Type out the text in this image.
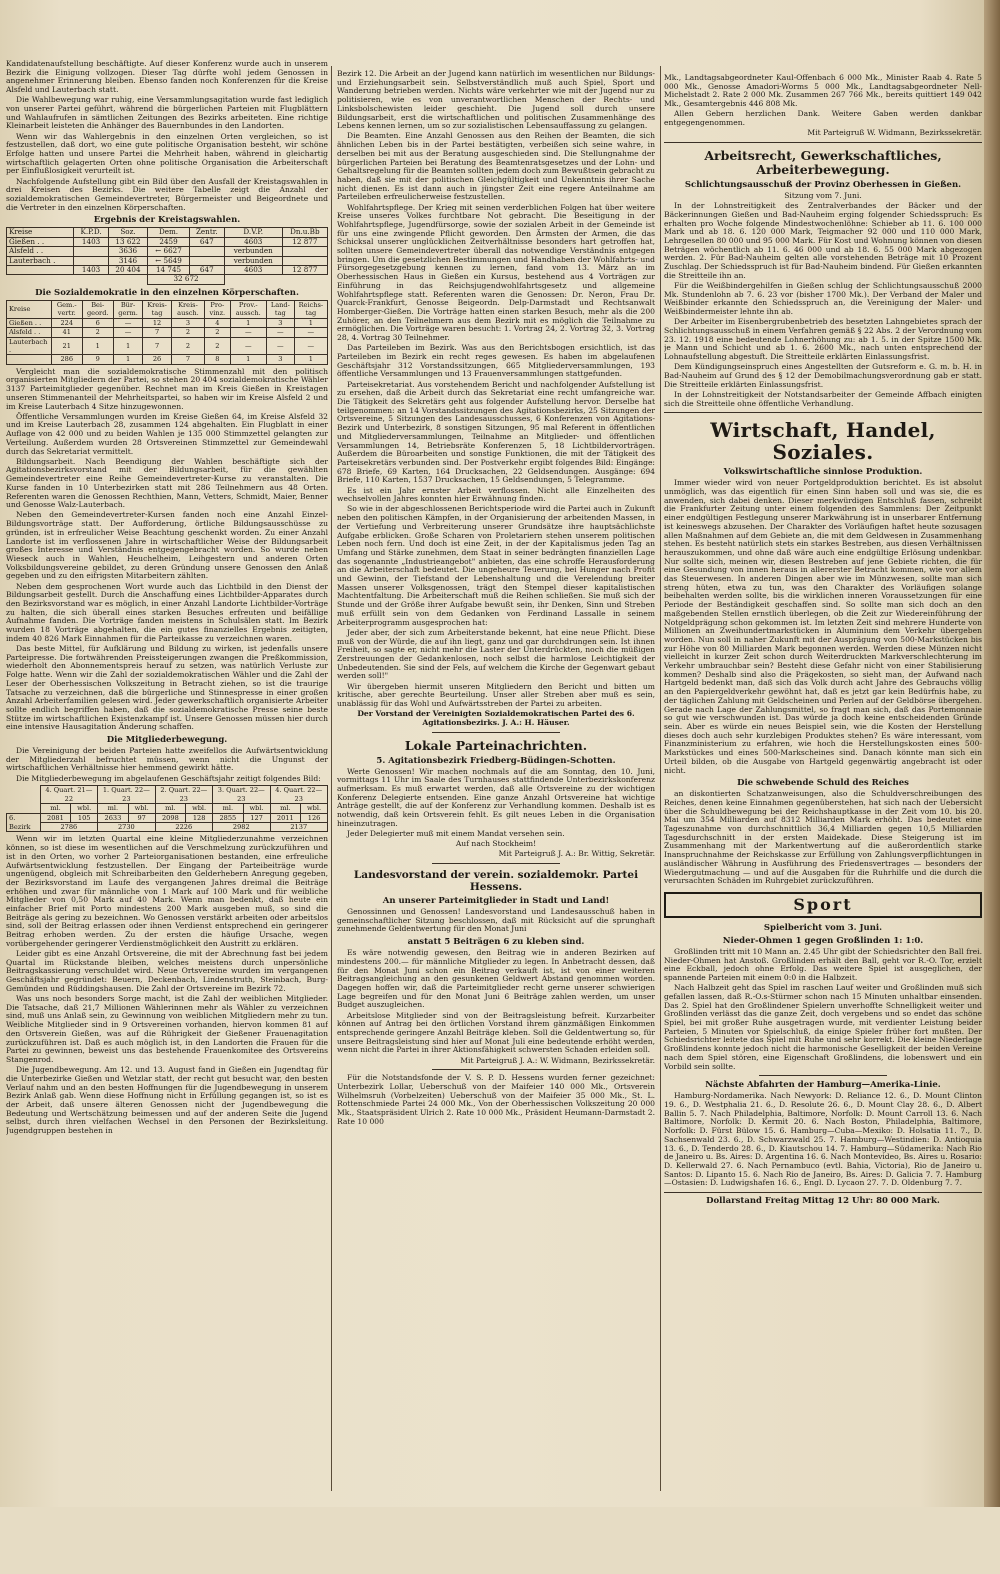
Kandidatenaufstellung beschäftigte. Auf dieser Konferenz wurde auch in unserem Bezirk die Einigung vollzogen. Dieser Tag dürfte wohl jedem Genossen in angenehmer Erinnerung bleiben. Ebenso fanden noch Konferenzen für die Kreise Alsfeld und Lauterbach statt.

Die Wahlbewegung war ruhig, eine Versammlungsagitation wurde fast lediglich von unserer Partei geführt, während die bürgerlichen Parteien mit Flugblättern und Wahlaufrufen in sämtlichen Zeitungen des Bezirks arbeiteten. Eine richtige Kleinarbeit leisteten die Anhänger des Bauernbundes in den Landorten.

Wenn wir das Wahlergebnis in den einzelnen Orten vergleichen, so ist festzustellen, daß dort, wo eine gute politische Organisation besteht, wir schöne Erfolge hatten und unsere Partei die Mehrheit haben, während in gleichartig wirtschaftlich gelagerten Orten ohne politische Organisation die Arbeiterschaft per Einflußlosigkeit verurteilt ist.

Nachfolgende Aufstellung gibt ein Bild über den Ausfall der Kreistagswahlen in drei Kreisen des Bezirks. Die weitere Tabelle zeigt die Anzahl der sozialdemokratischen Gemeindevertreter, Bürgermeister und Beigeordnete und die Vertreter in den einzelnen Körperschaften.

Ergebnis der Kreistagswahlen.
Kreise	K.P.D.	Soz.	Dem.	Zentr.	D.V.P.	Dn.u.Bb
Gießen . .	1403	13 622	2459	647	4603	12 877
Alsfeld . .		3636	← 6627		verbunden	
Lauterbach .		3146	← 5649		verbunden	
	1403	20 404	14 745	647	4603	12 877
			32 672			
Die Sozialdemokratie in den einzelnen Körperschaften.
Kreise	Gem.-vertr.	Bei-geord.	Bür-germ.	Kreis-tag	Kreis-ausch.	Pro-vinz.	Prov.-aussch.	Land-tag	Reichs-tag
Gießen . .	224	6	—	12	3	4	1	3	1
Alsfeld . .	41	2	—	7	2	2	—	—	—
Lauterbach .	21	1	1	7	2	2	—	—	—
	286	9	1	26	7	8	1	3	1

Vergleicht man die sozialdemokratische Stimmenzahl mit den politisch organisierten Mitgliedern der Partei, so stehen 20 404 sozialdemokratische Wähler 3137 Parteimitglieder gegenüber. Rechnet man im Kreis Gießen in Kreistagen unseren Stimmenanteil der Mehrheitspartei, so haben wir im Kreise Alsfeld 2 und im Kreise Lauterbach 4 Sitze hinzugewonnen.

Öffentliche Versammlungen wurden im Kreise Gießen 64, im Kreise Alsfeld 32 und im Kreise Lauterbach 28, zusammen 124 abgehalten. Ein Flugblatt in einer Auflage von 42 000 und zu beiden Wahlen je 135 000 Stimmzettel gelangten zur Verteilung. Außerdem wurden 28 Ortsvereinen Stimmzettel zur Gemeindewahl durch das Sekretariat vermittelt.

Bildungsarbeit. Nach Beendigung der Wahlen beschäftigte sich der Agitationsbezirksvorstand mit der Bildungsarbeit, für die gewählten Gemeindevertreter eine Reihe Gemeindevertreter-Kurse zu veranstalten. Die Kurse fanden in 10 Unterbezirken statt mit 286 Teilnehmern aus 48 Orten. Referenten waren die Genossen Rechthien, Mann, Vetters, Schmidt, Maier, Benner und Genosse Walz-Lauterbach.

Neben den Gemeindevertreter-Kursen fanden noch eine Anzahl Einzel-Bildungsvorträge statt. Der Aufforderung, örtliche Bildungsausschüsse zu gründen, ist in erfreulicher Weise Beachtung geschenkt worden. Zu einer Anzahl Landorte ist im verflossenen Jahre in wirtschaftlicher Weise der Bildungsarbeit großes Interesse und Verständnis entgegengebracht worden. So wurde neben Wieseck auch in Wahlen, Heuchelheim, Leihgestern und anderen Orten Volksbildungsvereine gebildet, zu deren Gründung unsere Genossen den Anlaß gegeben und zu den eifrigsten Mitarbeitern zählten.

Neben dem gesprochenen Wort wurde auch das Lichtbild in den Dienst der Bildungsarbeit gestellt. Durch die Anschaffung eines Lichtbilder-Apparates durch den Bezirksvorstand war es möglich, in einer Anzahl Landorte Lichtbilder-Vorträge zu halten, die sich überall eines starken Besuches erfreuten und beifällige Aufnahme fanden. Die Vorträge fanden meistens in Schulsälen statt. Im Bezirk wurden 18 Vorträge abgehalten, die ein gutes finanzielles Ergebnis zeitigten, indem 40 826 Mark Einnahmen für die Parteikasse zu verzeichnen waren.

Das beste Mittel, für Aufklärung und Bildung zu wirken, ist jedenfalls unsere Parteipresse. Die fortwährenden Preissteigerungen zwangen die Preßkommission, wiederholt den Abonnementspreis herauf zu setzen, was natürlich Verluste zur Folge hatte. Wenn wir die Zahl der sozialdemokratischen Wähler und die Zahl der Leser der Oberhessischen Volkszeitung in Betracht ziehen, so ist die traurige Tatsache zu verzeichnen, daß die bürgerliche und Stinnespresse in einer großen Anzahl Arbeiterfamilien gelesen wird. Jeder gewerkschaftlich organisierte Arbeiter sollte endlich begriffen haben, daß die sozialdemokratische Presse seine beste Stütze im wirtschaftlichen Existenzkampf ist. Unsere Genossen müssen hier durch eine intensive Hausagitation Änderung schaffen.

Die Mitgliederbewegung.

Die Vereinigung der beiden Parteien hatte zweifellos die Aufwärtsentwicklung der Mitgliederzahl befruchtet müssen, wenn nicht die Ungunst der wirtschaftlichen Verhältnisse hier hemmend gewirkt hätte.

Die Mitgliederbewegung im abgelaufenen Geschäftsjahr zeitigt folgendes Bild:

	4. Quart. 21—22		1. Quart. 22—23		2. Quart. 22—23		3. Quart. 22—23		4. Quart. 22—23	
	ml.	wbl.	ml.	wbl.	ml.	wbl.	ml.	wbl.	ml.	wbl.
6. Bezirk	2081	105	2633	97	2098	128	2855	127	2011	126
	2786		2730		2226		2982		2137	

Wenn wir im letzten Quartal eine kleine Mitgliederzunahme verzeichnen können, so ist diese im wesentlichen auf die Verschmelzung zurückzuführen und ist in den Orten, wo vorher 2 Parteiorganisationen bestanden, eine erfreuliche Aufwärtsentwicklung festzustellen. Der Eingang der Parteibeiträge wurde ungenügend, obgleich mit Schreibarbeiten den Gelderhebern Anregung gegeben, der Bezirksvorstand im Laufe des vergangenen Jahres dreimal die Beiträge erhöhen und zwar für männliche von 1 Mark auf 100 Mark und für weibliche Mitglieder von 0,50 Mark auf 40 Mark. Wenn man bedenkt, daß heute ein einfacher Brief mit Porto mindestens 200 Mark ausgeben muß, so sind die Beiträge als gering zu bezeichnen. Wo Genossen verstärkt arbeiten oder arbeitslos sind, soll der Beitrag erlassen oder ihnen Verdienst entsprechend ein geringerer Beitrag erhoben werden. Zu der ersten die häufige Ursache, wegen vorübergehender geringerer Verdienstmöglichkeit den Austritt zu erklären.

Leider gibt es eine Anzahl Ortsvereine, die mit der Abrechnung fast bei jedem Quartal im Rückstande bleiben, welches meistens durch unpersönliche Beitragskassierung verschuldet wird. Neue Ortsvereine wurden im vergangenen Geschäftsjahr gegründet: Beuern, Deckenbach, Lindenstruth, Steinbach, Burg-Gemünden und Rüddingshausen. Die Zahl der Ortsvereine im Bezirk 72.

Was uns noch besonders Sorge macht, ist die Zahl der weiblichen Mitglieder. Die Tatsache, daß 21,7 Millionen Wählerinnen mehr als Wähler zu verzeichnen sind, muß uns Anlaß sein, zu Gewinnung von weiblichen Mitgliedern mehr zu tun. Weibliche Mitglieder sind in 9 Ortsvereinen vorhanden, hiervon kommen 81 auf den Ortsverein Gießen, was auf die Rührigkeit der Gießener Frauenagitation zurückzuführen ist. Daß es auch möglich ist, in den Landorten die Frauen für die Partei zu gewinnen, beweist uns das bestehende Frauenkomitee des Ortsvereins Stangenrod.

Die Jugendbewegung. Am 12. und 13. August fand in Gießen ein Jugendtag für die Unterbezirke Gießen und Wetzlar statt, der recht gut besucht war, den besten Verlauf nahm und an den besten Hoffnungen für die Jugendbewegung in unserem Bezirk Anlaß gab. Wenn diese Hoffnung nicht in Erfüllung gegangen ist, so ist es der Arbeit, daß unsere älteren Genossen nicht der Jugendbewegung die Bedeutung und Wertschätzung beimessen und auf der anderen Seite die Jugend selbst, durch ihren vielfachen Wechsel in den Personen der Bezirksleitung. Jugendgruppen bestehen in

Bezirk 12. Die Arbeit an der Jugend kann natürlich im wesentlichen nur Bildungs- und Erziehungsarbeit sein. Selbstverständlich muß auch Spiel, Sport und Wanderung betrieben werden. Nichts wäre verkehrter wie mit der Jugend nur zu politisieren, wie es von unverantwortlichen Menschen der Rechts- und Linksbolschewisten leider geschieht. Die Jugend soll durch unsere Bildungsarbeit, erst die wirtschaftlichen und politischen Zusammenhänge des Lebens kennen lernen, um so zur sozialistischen Lebensauffassung zu gelangen.

Die Beamten. Eine Anzahl Genossen aus den Reihen der Beamten, die sich ähnlichen Leben bis in der Partei bestätigten, verbeißen sich seine wahre, in derselben bei mit aus der Beratung ausgeschieden sind. Die Stellungnahme der bürgerlichen Parteien bei Beratung des Beamtenratsgesetzes und der Lohn- und Gehaltsregelung für die Beamten sollten jedem doch zum Bewußtsein gebracht zu haben, daß sie mit der politischen Gleichgültigkeit und Unkenntnis ihrer Sache nicht dienen. Es ist dann auch in jüngster Zeit eine regere Anteilnahme am Parteileben erfreulicherweise festzustellen.

Wohlfahrtspflege. Der Krieg mit seinen verderblichen Folgen hat über weitere Kreise unseres Volkes furchtbare Not gebracht. Die Beseitigung in der Wohlfahrtspflege, Jugendfürsorge, sowie der sozialen Arbeit in der Gemeinde ist für uns eine zwingende Pflicht geworden. Den Ärmsten der Armen, die das Schicksal unserer unglücklichen Zeitverhältnisse besonders hart getroffen hat, sollten unsere Gemeindevertreter überall das notwendige Verständnis entgegen bringen. Um die gesetzlichen Bestimmungen und Handhaben der Wohlfahrts- und Fürsorgegesetzgebung kennen zu lernen, fand vom 13. März an im Oberhessischen Haus in Gießen ein Kursus, bestehend aus 4 Vorträgen zur Einführung in das Reichsjugendwohlfahrtsgesetz und allgemeine Wohlfahrtspflege statt. Referenten waren die Genossen: Dr. Neron, Frau Dr. Quarck-Frankfurt, Genosse Beigeordn. Delp-Darmstadt und Rechtsanwalt Homberger-Gießen. Die Vorträge hatten einen starken Besuch, mehr als die 200 Zuhörer, an den Teilnehmern aus dem Bezirk mit es möglich die Teilnahme zu ermöglichen. Die Vorträge waren besucht: 1. Vortrag 24, 2. Vortrag 32, 3. Vortrag 28, 4. Vortrag 30 Teilnehmer.

Das Parteileben im Bezirk. Was aus den Berichtsbogen ersichtlich, ist das Parteileben im Bezirk ein recht reges gewesen. Es haben im abgelaufenen Geschäftsjahr 312 Vorstandssitzungen, 665 Mitgliederversammlungen, 193 öffentliche Versammlungen und 13 Frauenversammlungen stattgefunden.

Parteisekretariat. Aus vorstehendem Bericht und nachfolgender Aufstellung ist zu ersehen, daß die Arbeit durch das Sekretariat eine recht umfangreiche war. Die Tätigkeit des Sekretärs geht aus folgender Aufstellung hervor. Derselbe hat teilgenommen: an 14 Vorstandssitzungen des Agitationsbezirks, 25 Sitzungen der Ortsvereine, 5 Sitzungen des Landesausschusses, 6 Konferenzen von Agitations-Bezirk und Unterbezirk, 8 sonstigen Sitzungen, 95 mal Referent in öffentlichen und Mitgliederversammlungen, Teilnahme an Mitglieder- und öffentlichen Versammlungen 14, Betriebsräte Konferenzen 5, 18 Lichtbildervorträgen. Außerdem die Büroarbeiten und sonstige Funktionen, die mit der Tätigkeit des Parteisekretärs verbunden sind. Der Postverkehr ergibt folgendes Bild: Eingänge: 678 Briefe, 69 Karten, 164 Drucksachen, 22 Geldsendungen. Ausgänge: 694 Briefe, 110 Karten, 1537 Drucksachen, 15 Geldsendungen, 5 Telegramme.

Es ist ein Jahr ernster Arbeit verflossen. Nicht alle Einzelheiten des wechselvollen Jahres konnten hier Erwähnung finden.

So wie in der abgeschlossenen Berichtsperiode wird die Partei auch in Zukunft neben den politischen Kämpfen, in der Organisierung der arbeitenden Massen, in der Vertiefung und Verbreiterung unserer Grundsätze ihre hauptsächlichste Aufgabe erblicken. Große Scharen von Proletariern stehen unserem politischen Leben noch fern. Und doch ist eine Zeit, in der der Kapitalismus jeden Tag an Umfang und Stärke zunehmen, dem Staat in seiner bedrängten finanziellen Lage das sogenannte „Industrieangebot" anbieten, das eine schroffe Herausforderung an die Arbeiterschaft bedeutet. Die ungeheure Teuerung, bei Hunger nach Profit und Gewinn, der Tiefstand der Lebenshaltung und die Verelendung breiter Massen unserer Volksgenossen, trägt den Stempel dieser kapitalistischen Machtentfaltung. Die Arbeiterschaft muß die Reihen schließen. Sie muß sich der Stunde und der Größe ihrer Aufgabe bewußt sein, ihr Denken, Sinn und Streben muß erfüllt sein von dem Gedanken von Ferdinand Lassalle in seinem Arbeiterprogramm ausgesprochen hat:

Jeder aber, der sich zum Arbeiterstande bekennt, hat eine neue Pflicht. Diese muß von der Würde, die auf ihn liegt, ganz und gar durchdrungen sein. Ist ihnen Freiheit, so sagte er, nicht mehr die Laster der Unterdrückten, noch die müßigen Zerstreuungen der Gedankenlosen, noch selbst die harmlose Leichtigkeit der Unbedeutenden. Sie sind der Fels, auf welchem die Kirche der Gegenwart gebaut werden soll!"

Wir übergeben hiermit unseren Mitgliedern den Bericht und bitten um kritische, aber gerechte Beurteilung. Unser aller Streben aber muß es sein, unablässig für das Wohl und Aufwärtsstreben der Partei zu arbeiten.

Der Vorstand der Vereinigten Sozialdemokratischen Partei des 6. Agitationsbezirks. J. A.: H. Häuser.

Lokale Parteinachrichten.
5. Agitationsbezirk Friedberg-Büdingen-Schotten.

Werte Genossen! Wir machen nochmals auf die am Sonntag, den 10. Juni, vormittags 11 Uhr im Saale des Turnhauses stattfindende Unterbezirkskonferenz aufmerksam. Es muß erwartet werden, daß alle Ortsvereine zu der wichtigen Konferenz Delegierte entsenden. Eine ganze Anzahl Ortsvereine hat wichtige Anträge gestellt, die auf der Konferenz zur Verhandlung kommen. Deshalb ist es notwendig, daß kein Ortsverein fehlt. Es gilt neues Leben in die Organisation hineinzutragen.

Jeder Delegierter muß mit einem Mandat versehen sein.

Auf nach Stockheim!

Mit Parteigruß J. A.: Br. Wittig, Sekretär.

Landesvorstand der verein. sozialdemokr. Partei Hessens.
An unserer Parteimitglieder in Stadt und Land!

Genossinnen und Genossen! Landesvorstand und Landesausschuß haben in gemeinschaftlicher Sitzung beschlossen, daß mit Rücksicht auf die sprunghaft zunehmende Geldentwertung für den Monat Juni

anstatt 5 Beiträgen 6 zu kleben sind.

Es wäre notwendig gewesen, den Beitrag wie in anderen Bezirken auf mindestens 200.— für männliche Mitglieder zu legen. In Anbetracht dessen, daß für den Monat Juni schon ein Beitrag verkauft ist, ist von einer weiteren Beitragsangleichung an den gesunkenen Geldwert Abstand genommen worden. Dagegen hoffen wir, daß die Parteimitglieder recht gerne unserer schwierigen Lage begreifen und für den Monat Juni 6 Beiträge zahlen werden, um unser Budget auszugleichen.

Arbeitslose Mitglieder sind von der Beitragsleistung befreit. Kurzarbeiter können auf Antrag bei den örtlichen Vorstand ihrem gänzmäßigen Einkommen entsprechende geringere Anzahl Beiträge kleben. Soll die Geldentwertung so, für unsere Beitragsleistung sind hier auf Monat Juli eine bedeutende erhöht werden, wenn nicht die Partei in ihrer Aktionsfähigkeit schwersten Schaden erleiden soll.

Mit Parteigruß J. A.: W. Widmann, Bezirkssekretär.

Für die Notstandsfonde der V. S. P. D. Hessens wurden ferner gezeichnet: Unterbezirk Lollar, Ueberschuß von der Maifeier 140 000 Mk., Ortsverein Wilhelmsruh (Vorbelzeiten) Ueberschuß von der Maifeier 35 000 Mk., St. L. Rottenschmiede Partei 24 000 Mk., Von der Oberhessischen Volkszeitung 20 000 Mk., Staatspräsident Ulrich 2. Rate 10 000 Mk., Präsident Heumann-Darmstadt 2. Rate 10 000

Mk., Landtagsabgeordneter Kaul-Offenbach 6 000 Mk., Minister Raab 4. Rate 5 000 Mk., Genosse Amadori-Worms 5 000 Mk., Landtagsabgeordneter Nell-Michelstadt 2. Rate 2 000 Mk. Zusammen 267 766 Mk., bereits quittiert 149 042 Mk., Gesamtergebnis 446 808 Mk.

Allen Gebern herzlichen Dank. Weitere Gaben werden dankbar entgegengenommen.

Mit Parteigruß W. Widmann, Bezirkssekretär.

Arbeitsrecht, Gewerkschaftliches, Arbeiterbewegung.
Schlichtungsausschuß der Provinz Oberhessen in Gießen.

Sitzung vom 7. Juni.

In der Lohnstreitigkeit des Zentralverbandes der Bäcker und der Bäckerinnungen Gießen und Bad-Nauheim erging folgender Schiedsspruch: Es erhalten pro Woche folgende Mindestwochenlöhne: Schieber ab 11. 6. 100 000 Mark und ab 18. 6. 120 000 Mark, Teigmacher 92 000 und 110 000 Mark, Lehrgesellen 80 000 und 95 000 Mark. Für Kost und Wohnung können von diesen Beträgen wöchentlich ab 11. 6. 46 000 und ab 18. 6. 55 000 Mark abgezogen werden. 2. Für Bad-Nauheim gelten alle vorstehenden Beträge mit 10 Prozent Zuschlag. Der Schiedsspruch ist für Bad-Nauheim bindend. Für Gießen erkannten die Streitteile ihn an.

Für die Weißbindergehilfen in Gießen schlug der Schlichtungsausschuß 2000 Mk. Stundenlohn ab 7. 6. 23 vor (bisher 1700 Mk.). Der Verband der Maler und Weißbinder erkannte den Schiedsspruch an, die Vereinigung der Maler- und Weißbindermeister lehnte ihn ab.

Der Arbeiter im Eisenbergrubenbetrieb des besetzten Lahngebietes sprach der Schlichtungsausschuß in einem Verfahren gemäß § 22 Abs. 2 der Verordnung vom 23. 12. 1918 eine bedeutende Lohnerhöhung zu: ab 1. 5. in der Spitze 1500 Mk. je Mann und Schicht und ab 1. 6. 2600 Mk., nach unten entsprechend der Lohnaufstellung abgestuft. Die Streitteile erklärten Einlassungsfrist.

Dem Kündigungseinspruch eines Angestellten der Gutsreform e. G. m. b. H. in Bad-Nauheim auf Grund des § 12 der Demobilmachungsverordnung gab er statt. Die Streitteile erklärten Einlassungsfrist.

In der Lohnstreitigkeit der Notstandsarbeiter der Gemeinde Affbach einigten sich die Streitteile ohne öffentliche Verhandlung.

Wirtschaft, Handel, Soziales.
Volkswirtschaftliche sinnlose Produktion.

Immer wieder wird von neuer Portgeldproduktion berichtet. Es ist absolut unmöglich, was das eigentlich für einen Sinn haben soll und was sie, die es anwenden, sich dabei denken. Dieser merkwürdigen Entschluß fassen, schreibt die Frankfurter Zeitung unter einem folgenden des Sammlens: Der Zeitpunkt einer endgültigen Festlegung unserer Markwährung ist in unserbarer Entfernung ist keineswegs abzusehen. Der Charakter des Vorläufigen haftet heute sozusagen allen Maßnahmen auf dem Gebiete an, die mit dem Geldwesen in Zusammenhang stehen. Es besteht natürlich stets ein starkes Bestreben, aus diesen Verhältnissen herauszukommen, und ohne daß wäre auch eine endgültige Erlösung undenkbar. Nur sollte sich, meinen wir, diesen Bestreben auf jene Gebiete richten, die für eine Gesundung von innen heraus in allererster Betracht kommen, wie vor allem das Steuerwesen. In anderen Dingen aber wie im Münzwesen, sollte man sich streng hüten, etwa zu tun, was den Charakter des Vorläufigen solange beibehalten werden sollte, bis die wirklichen inneren Voraussetzungen für eine Periode der Beständigkeit geschaffen sind. So sollte man sich doch an den maßgebenden Stellen ernstlich überlegen, ob die Zeit zur Wiedereinführung der Notgeldprägung schon gekommen ist. Im letzten Zeit sind mehrere Hunderte von Millionen an Zweihundertmarkstücken in Aluminium dem Verkehr übergeben worden. Nun soll in naher Zukunft mit der Ausprägung von 500-Markstücken bis zur Höhe von 80 Milliarden Mark begonnen werden. Werden diese Münzen nicht vielleicht in kurzer Zeit schon durch Weiterdruckten Markverschlechterung im Verkehr umbrauchbar sein? Besteht diese Gefahr nicht von einer Stabilisierung kommen? Deshalb sind also die Prägekosten, so sieht man, der Aufwand nach Hartgeld bedenkt man, daß sich das Volk durch acht Jahre des Gebrauchs völlig an den Papiergeldverkehr gewöhnt hat, daß es jetzt gar kein Bedürfnis habe, zu der täglichen Zahlung mit Geldscheinen und Perlen auf der Geldbörse übergehen. Gerade nach Lage der Zahlungsmittel, so fragt man sich, daß das Portemonnaie so gut wie verschwunden ist. Das würde ja doch keine entscheidenden Gründe sein. Aber es würde ein neues Beispiel sein, wie die Kosten der Herstellung dieses doch auch sehr kurzlebigen Produktes stehen? Es wäre interessant, vom Finanzministerium zu erfahren, wie hoch die Herstellungskosten eines 500-Markstückes und eines 500-Markscheines sind. Danach könnte man sich ein Urteil bilden, ob die Ausgabe von Hartgeld gegenwärtig angebracht ist oder nicht.

Die schwebende Schuld des Reiches

an diskontierten Schatzanweisungen, also die Schuldverschreibungen des Reiches, denen keine Einnahmen gegenüberstehen, hat sich nach der Uebersicht über die Schuldbewegung bei der Reichshauptkasse in der Zeit vom 10. bis 20. Mai um 354 Milliarden auf 8312 Milliarden Mark erhöht. Das bedeutet eine Tageszunahme von durchschnittlich 36,4 Milliarden gegen 10,5 Milliarden Tagesdurchschnitt in der ersten Maidekade. Diese Steigerung ist im Zusammenhang mit der Markentwertung auf die außerordentlich starke Inanspruchnahme der Reichskasse zur Erfüllung von Zahlungsverpflichtungen in ausländischer Währung in Ausführung des Friedensvertrages — besonders der Wiedergutmachung — und auf die Ausgaben für die Ruhrhilfe und die durch die verursachten Schäden im Ruhrgebiet zurückzuführen.

Sport
Spielbericht vom 3. Juni.
Nieder-Ohmen 1 gegen Großlinden 1: 1:0.

Großlinden tritt mit 10 Mann an. 2.45 Uhr gibt der Schiedsrichter den Ball frei. Nieder-Ohmen hat Anstoß. Großlinden erhält den Ball, geht vor R.-O. Tor, erzielt eine Eckball, jedoch ohne Erfolg. Das weitere Spiel ist ausgeglichen, der spannende Parteien mit einem 0:0 in die Halbzeit.

Nach Halbzeit geht das Spiel im raschen Lauf weiter und Großlinden muß sich gefallen lassen, daß R.-O.s-Stürmer schon nach 15 Minuten unhaltbar einsenden. Das 2. Spiel hat den Großlindener Spielern unverhoffte Schnelligkeit weiter und Großlinden verlässt das die ganze Zeit, doch vergebens und so endet das schöne Spiel, bei mit großer Ruhe ausgetragen wurde, mit verdienter Leistung beider Parteien, 5 Minuten vor Spielschluß, da einige Spieler früher fort mußten. Der Schiedsrichter leitete das Spiel mit Ruhe und sehr korrekt. Die kleine Niederlage Großlindens konnte jedoch nicht die harmonische Geselligkeit der beiden Vereine nach dem Spiel stören, eine Eigenschaft Großlindens, die lobenswert und ein Vorbild sein sollte.

Nächste Abfahrten der Hamburg—Amerika-Linie.

Hamburg-Nordamerika. Nach Newyork: D. Reliance 12. 6., D. Mount Clinton 19. 6., D. Westphalia 21. 6., D. Resolute 26. 6., D. Mount Clay 28. 6., D. Albert Ballin 5. 7. Nach Philadelphia, Baltimore, Norfolk: D. Mount Carroll 13. 6. Nach Baltimore, Norfolk: D. Kermit 20. 6. Nach Boston, Philadelphia, Baltimore, Norfolk: D. Fürst Bülow 15. 6. Hamburg—Cuba—Mexiko: D. Holsatia 11. 7., D. Sachsenwald 23. 6., D. Schwarzwald 25. 7. Hamburg—Westindien: D. Antioquia 13. 6., D. Tenderdo 28. 6., D. Kiautschou 14. 7. Hamburg—Südamerika: Nach Rio de Janeiro u. Bs. Aires: D. Argentina 16. 6. Nach Montevideo, Bs. Aires u. Rosario: D. Kellerwald 27. 6. Nach Pernambuco (evtl. Bahia, Victoria), Rio de Janeiro u. Santos: D. Lipanto 15. 6. Nach Rio de Janeiro, Bs. Aires: D. Galicia 7. 7. Hamburg—Ostasien: D. Ludwigshafen 16. 6., Engl. D. Lycaon 27. 7. D. Oldenburg 7. 7.

Dollarstand Freitag Mittag 12 Uhr: 80 000 Mark.
